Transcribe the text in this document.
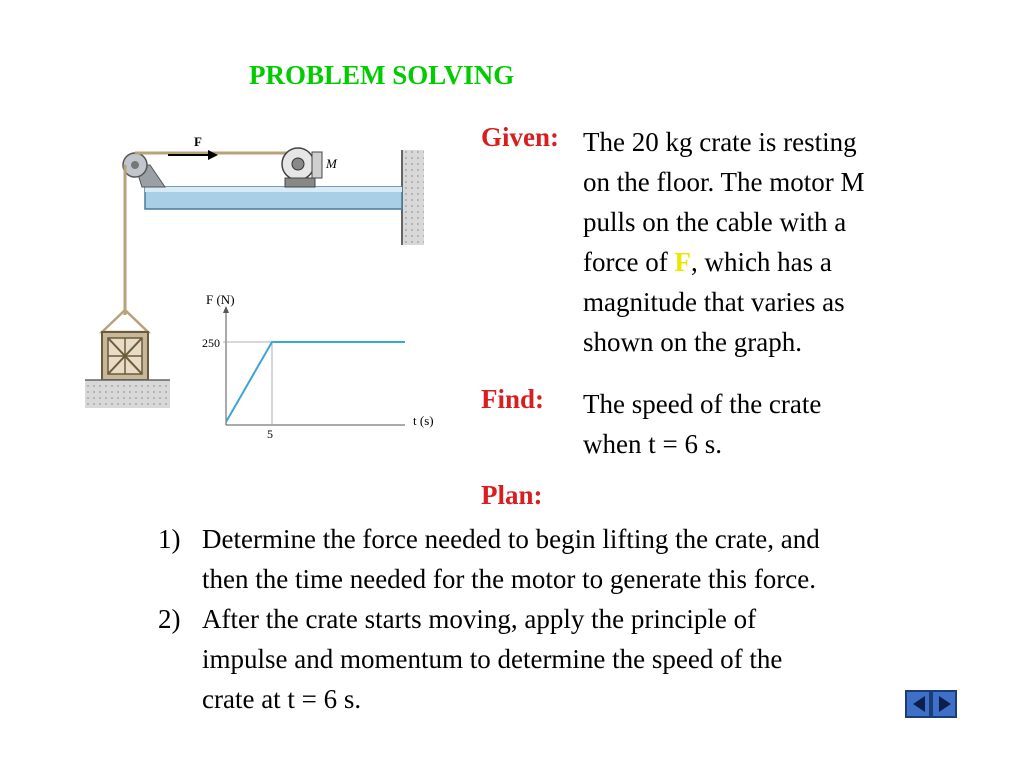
PROBLEM SOLVING
F
M
F (N)
250
5
t (s)
Given: The 20 kg crate is resting
on the floor. The motor M
pulls on the cable with a
force of F, which has a
magnitude that varies as
shown on the graph.
Find: The speed of the crate
when t = 6 s.
Plan:
1) Determine the force needed to begin lifting the crate, and
then the time needed for the motor to generate this force.
2) After the crate starts moving, apply the principle of
impulse and momentum to determine the speed of the
crate at t = 6 s.
